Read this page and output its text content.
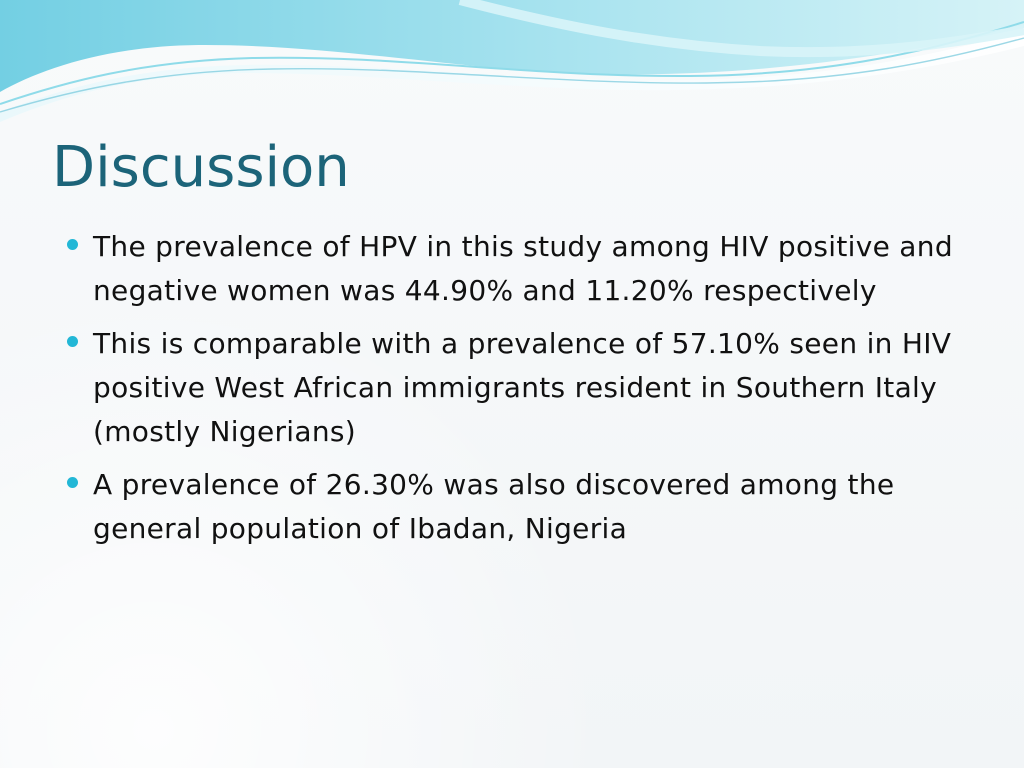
Discussion
The prevalence of HPV in this study among HIV positive and negative women was 44.90% and 11.20% respectively
This is comparable with a prevalence of 57.10% seen in HIV positive West African immigrants resident in Southern Italy (mostly Nigerians)
A prevalence of 26.30% was also discovered among the general population of Ibadan, Nigeria
